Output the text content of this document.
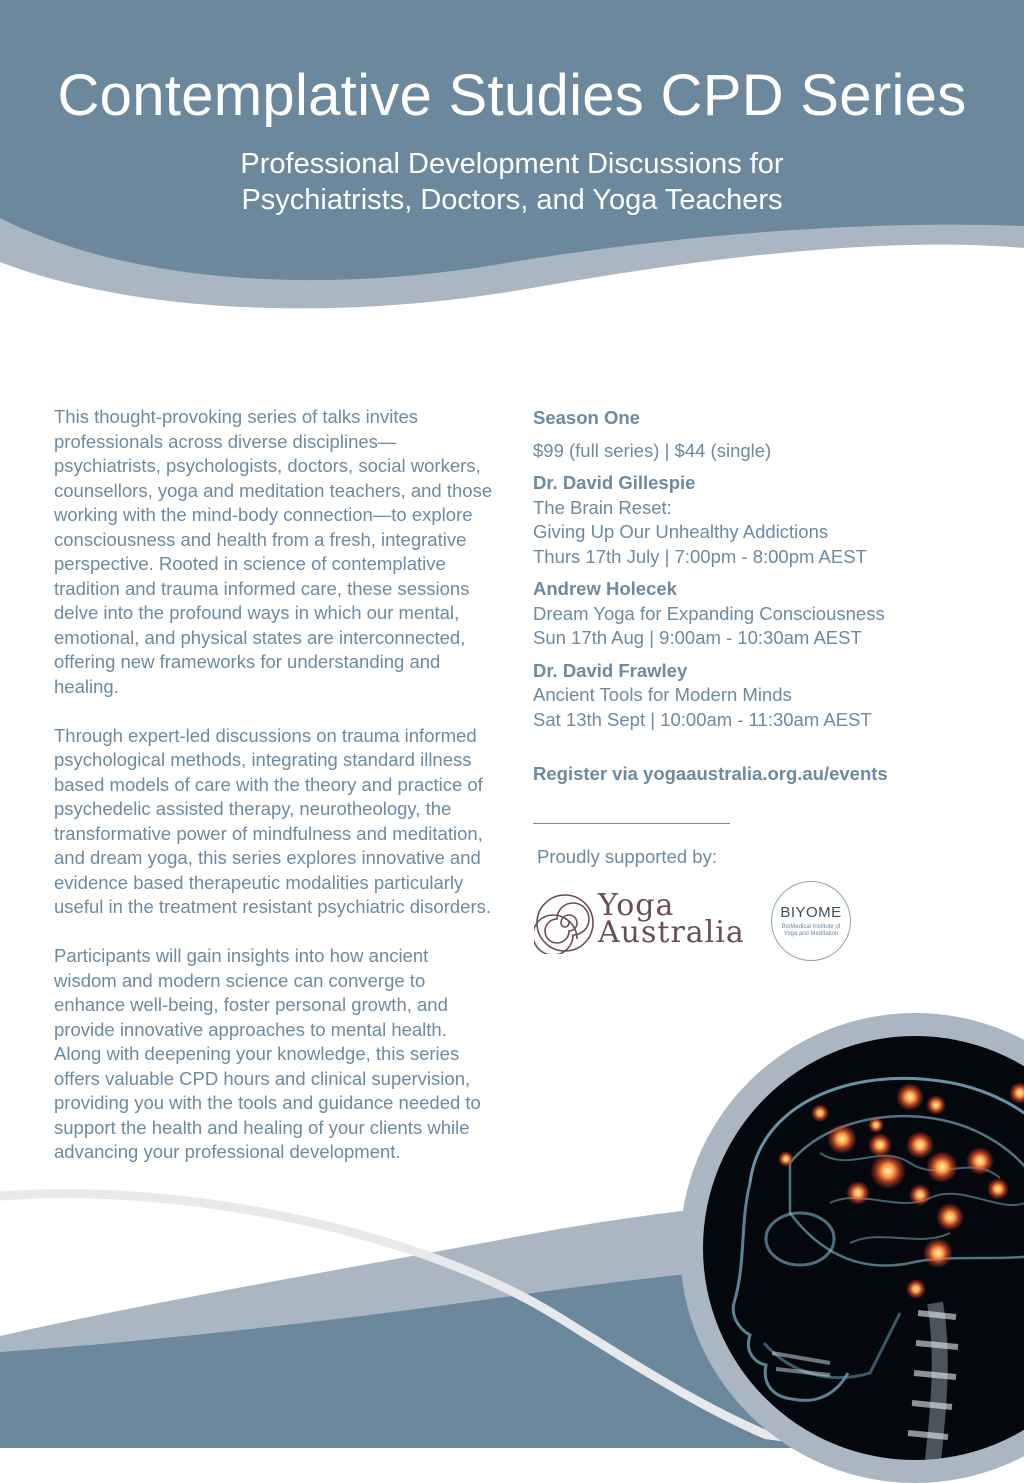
Contemplative Studies CPD Series
Professional Development Discussions for
Psychiatrists, Doctors, and Yoga Teachers

This thought-provoking series of talks invites professionals across diverse disciplines—psychiatrists, psychologists, doctors, social workers, counsellors, yoga and meditation teachers, and those working with the mind-body connection—to explore consciousness and health from a fresh, integrative perspective. Rooted in science of contemplative tradition and trauma informed care, these sessions delve into the profound ways in which our mental, emotional, and physical states are interconnected, offering new frameworks for understanding and healing.

Through expert-led discussions on trauma informed psychological methods, integrating standard illness based models of care with the theory and practice of psychedelic assisted therapy, neurotheology, the transformative power of mindfulness and meditation, and dream yoga, this series explores innovative and evidence based therapeutic modalities particularly useful in the treatment resistant psychiatric disorders.

Participants will gain insights into how ancient wisdom and modern science can converge to enhance well-being, foster personal growth, and provide innovative approaches to mental health. Along with deepening your knowledge, this series offers valuable CPD hours and clinical supervision, providing you with the tools and guidance needed to support the health and healing of your clients while advancing your professional development.

Season One
$99 (full series) | $44 (single)
Dr. David Gillespie
The Brain Reset:
Giving Up Our Unhealthy Addictions
Thurs 17th July | 7:00pm - 8:00pm AEST
Andrew Holecek
Dream Yoga for Expanding Consciousness
Sun 17th Aug | 9:00am - 10:30am AEST
Dr. David Frawley
Ancient Tools for Modern Minds
Sat 13th Sept | 10:00am - 11:30am AEST
Register via yogaaustralia.org.au/events
Proudly supported by:
Yoga
Australia
BIYOME
BioMedical Institute of Yoga and Meditation
